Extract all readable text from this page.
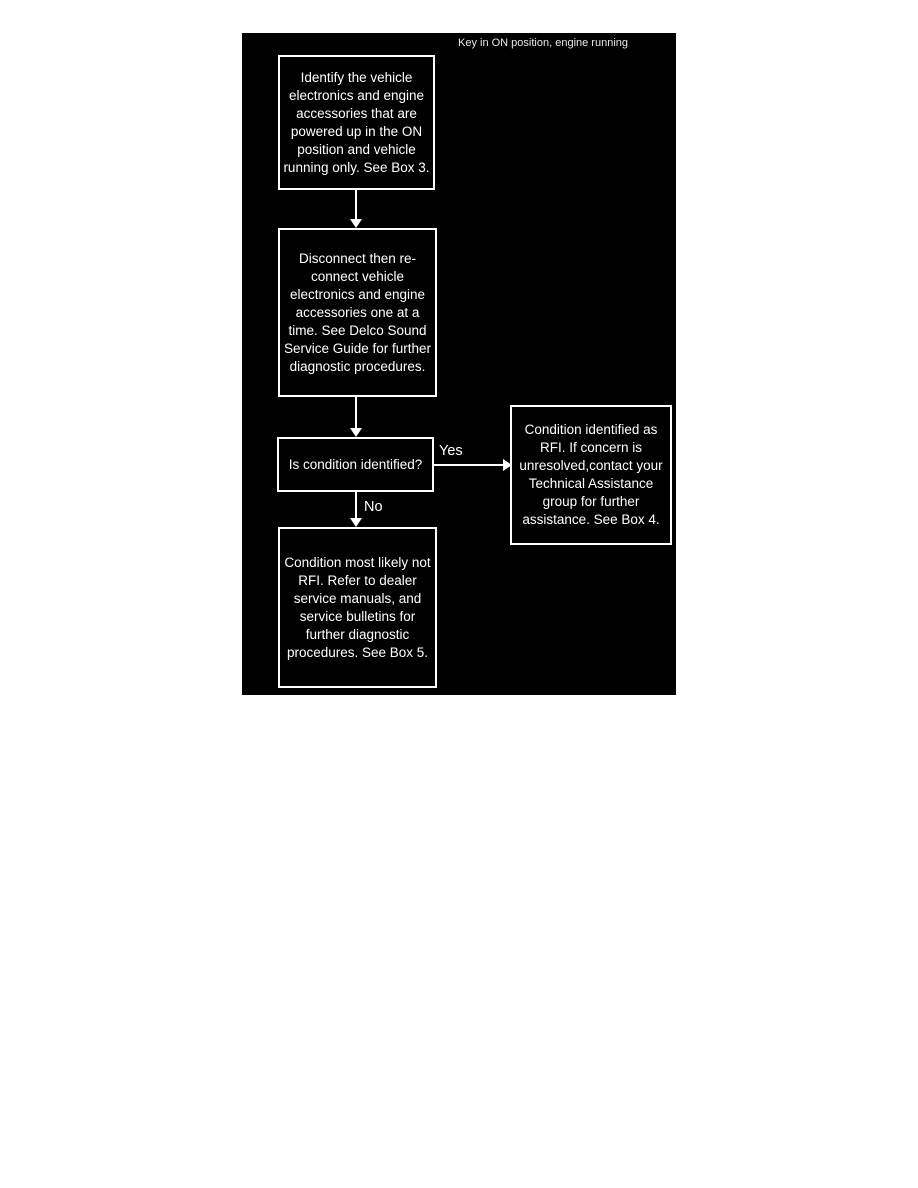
Key in ON position, engine running
Identify the vehicle electronics and engine accessories that are powered up in the ON position and vehicle running only. See Box 3.
Disconnect then re-connect vehicle electronics and engine accessories one at a time. See Delco Sound Service Guide for further diagnostic procedures.
Is condition identified?
Yes
Condition identified as RFI. If concern is unresolved,contact your Technical Assistance group for further assistance. See Box 4.
No
Condition most likely not RFI. Refer to dealer service manuals, and service bulletins for further diagnostic procedures. See Box 5.
